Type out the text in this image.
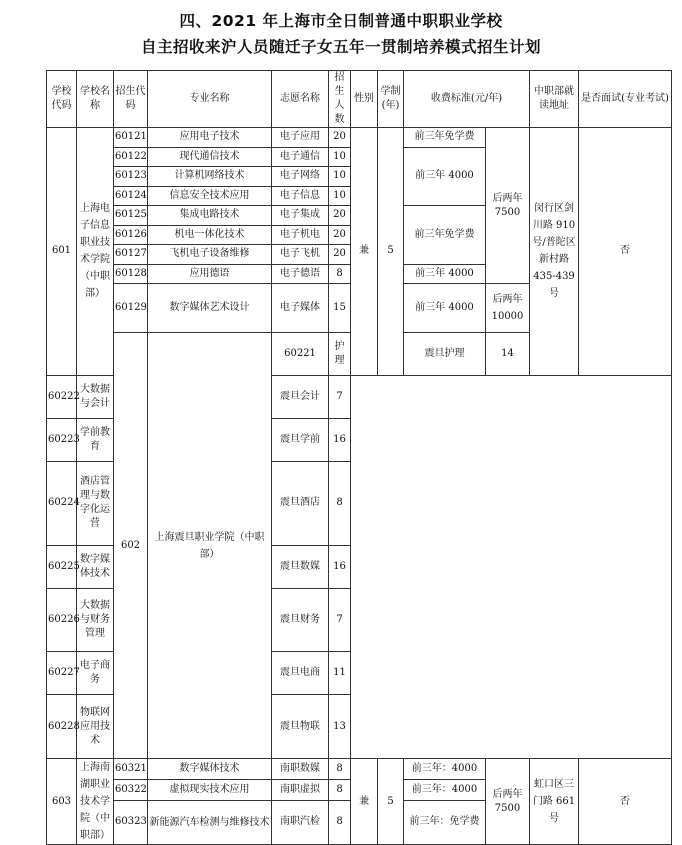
四、2021 年上海市全日制普通中职职业学校
自主招收来沪人员随迁子女五年一贯制培养模式招生计划
学校代码	学校名称	招生代码	专业名称	志愿名称	招生人数	性别	学制(年)	收费标准(元/年)		中职部就读地址	是否面试(专业考试)	
601	上海电子信息职业技术学院（中职部）	60121	应用电子技术	电子应用	20	兼	5	前三年免学费	后两年 7500	闵行区剑川路 910 号/普陀区新村路 435-439 号	否	
		60122	现代通信技术	电子通信	10			前三年 4000				
		60123	计算机网络技术	电子网络	10							
		60124	信息安全技术应用	电子信息	10							
		60125	集成电路技术	电子集成	20			前三年免学费				
		60126	机电一体化技术	电子机电	20							
		60127	飞机电子设备维修	电子飞机	20							
		60128	应用德语	电子德语	8			前三年 4000				
		60129	数字媒体艺术设计	电子媒体	15			前三年 4000	后两年 10000			
		602	上海震旦职业学院（中职部）	60221	护理			震旦护理	14						
60222	大数据与会计			震旦会计	7							
60223	学前教育			震旦学前	16							
60224	酒店管理与数字化运营			震旦酒店	8							
60225	数字媒体技术			震旦数媒	16							
60226	大数据与财务管理			震旦财务	7							
60227	电子商务			震旦电商	11							
60228	物联网应用技术			震旦物联	13							
603	上海南湖职业技术学院（中职部）	60321	数字媒体技术	南职数媒	8	兼	5	前三年：4000	后两年 7500	虹口区三门路 661 号	否	
		60322	虚拟现实技术应用	南职虚拟	8			前三年：4000				
		60323	新能源汽车检测与维修技术	南职汽检	8			前三年：免学费				
